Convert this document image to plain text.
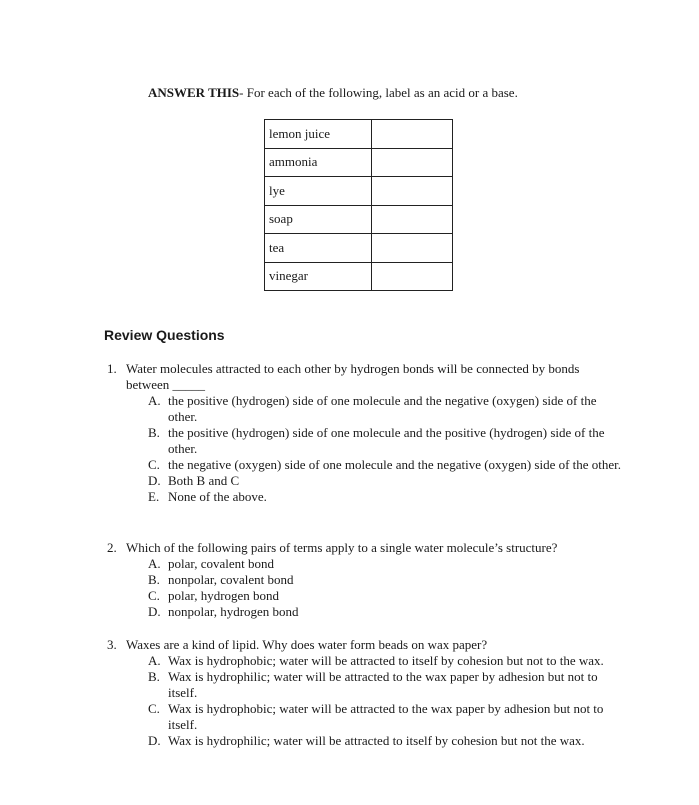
ANSWER THIS- For each of the following, label as an acid or a base.
lemon juice	
ammonia	
lye	
soap	
tea	
vinegar	
Review Questions
1. Water molecules attracted to each other by hydrogen bonds will be connected by bonds between _____
A. the positive (hydrogen) side of one molecule and the negative (oxygen) side of the other.
B. the positive (hydrogen) side of one molecule and the positive (hydrogen) side of the other.
C. the negative (oxygen) side of one molecule and the negative (oxygen) side of the other.
D. Both B and C
E. None of the above.
2. Which of the following pairs of terms apply to a single water molecule’s structure?
A. polar, covalent bond
B. nonpolar, covalent bond
C. polar, hydrogen bond
D. nonpolar, hydrogen bond
3. Waxes are a kind of lipid. Why does water form beads on wax paper?
A. Wax is hydrophobic; water will be attracted to itself by cohesion but not to the wax.
B. Wax is hydrophilic; water will be attracted to the wax paper by adhesion but not to itself.
C. Wax is hydrophobic; water will be attracted to the wax paper by adhesion but not to itself.
D. Wax is hydrophilic; water will be attracted to itself by cohesion but not the wax.
